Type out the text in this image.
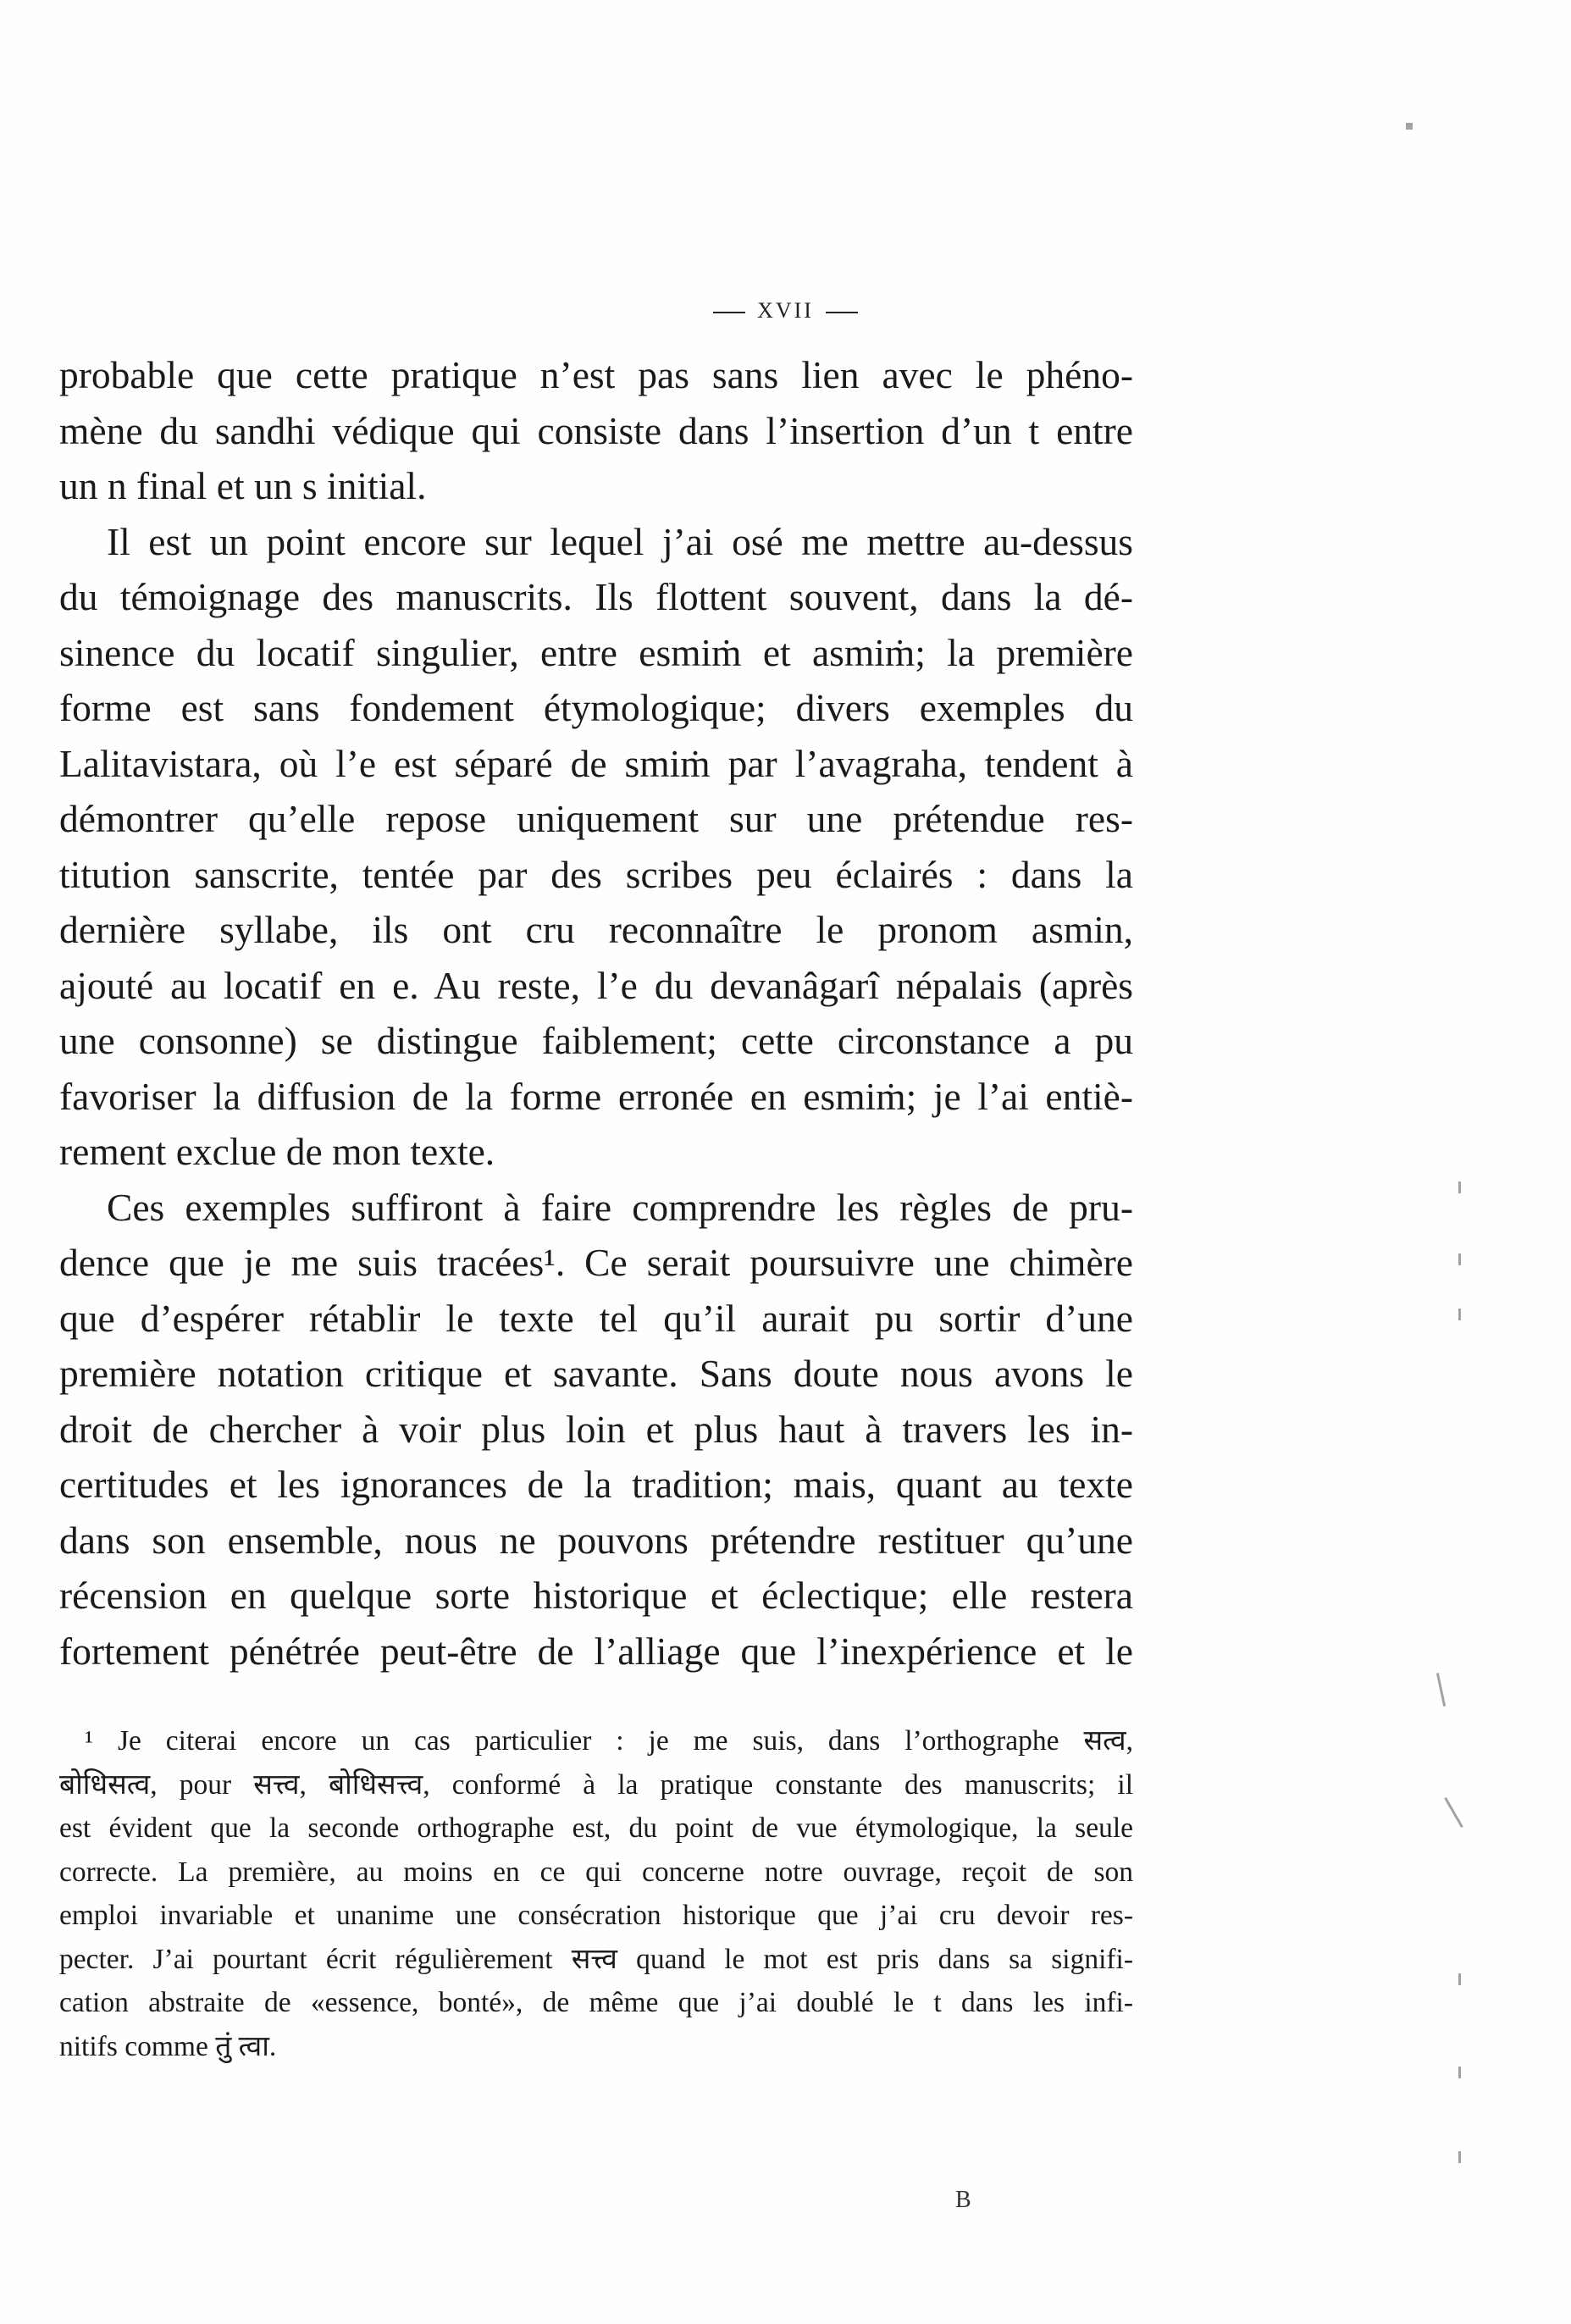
XVII
probable que cette pratique n’est pas sans lien avec le phéno-
mène du sandhi védique qui consiste dans l’insertion d’un t entre
un n final et un s initial.
Il est un point encore sur lequel j’ai osé me mettre au-dessus
du témoignage des manuscrits. Ils flottent souvent, dans la dé-
sinence du locatif singulier, entre esmiṁ et asmiṁ; la première
forme est sans fondement étymologique; divers exemples du
Lalitavistara, où l’e est séparé de smiṁ par l’avagraha, tendent à
démontrer qu’elle repose uniquement sur une prétendue res-
titution sanscrite, tentée par des scribes peu éclairés : dans la
dernière syllabe, ils ont cru reconnaître le pronom asmin,
ajouté au locatif en e. Au reste, l’e du devanâgarî népalais (après
une consonne) se distingue faiblement; cette circonstance a pu
favoriser la diffusion de la forme erronée en esmiṁ; je l’ai entiè-
rement exclue de mon texte.
Ces exemples suffiront à faire comprendre les règles de pru-
dence que je me suis tracées¹. Ce serait poursuivre une chimère
que d’espérer rétablir le texte tel qu’il aurait pu sortir d’une
première notation critique et savante. Sans doute nous avons le
droit de chercher à voir plus loin et plus haut à travers les in-
certitudes et les ignorances de la tradition; mais, quant au texte
dans son ensemble, nous ne pouvons prétendre restituer qu’une
récension en quelque sorte historique et éclectique; elle restera
fortement pénétrée peut-être de l’alliage que l’inexpérience et le
¹ Je citerai encore un cas particulier : je me suis, dans l’orthographe सत्व,
बोधिसत्व, pour सत्त्व, बोधिसत्त्व, conformé à la pratique constante des manuscrits; il
est évident que la seconde orthographe est, du point de vue étymologique, la seule
correcte. La première, au moins en ce qui concerne notre ouvrage, reçoit de son
emploi invariable et unanime une consécration historique que j’ai cru devoir res-
pecter. J’ai pourtant écrit régulièrement सत्त्व quand le mot est pris dans sa signifi-
cation abstraite de «essence, bonté», de même que j’ai doublé le t dans les infi-
nitifs comme तुं त्वा.
B
